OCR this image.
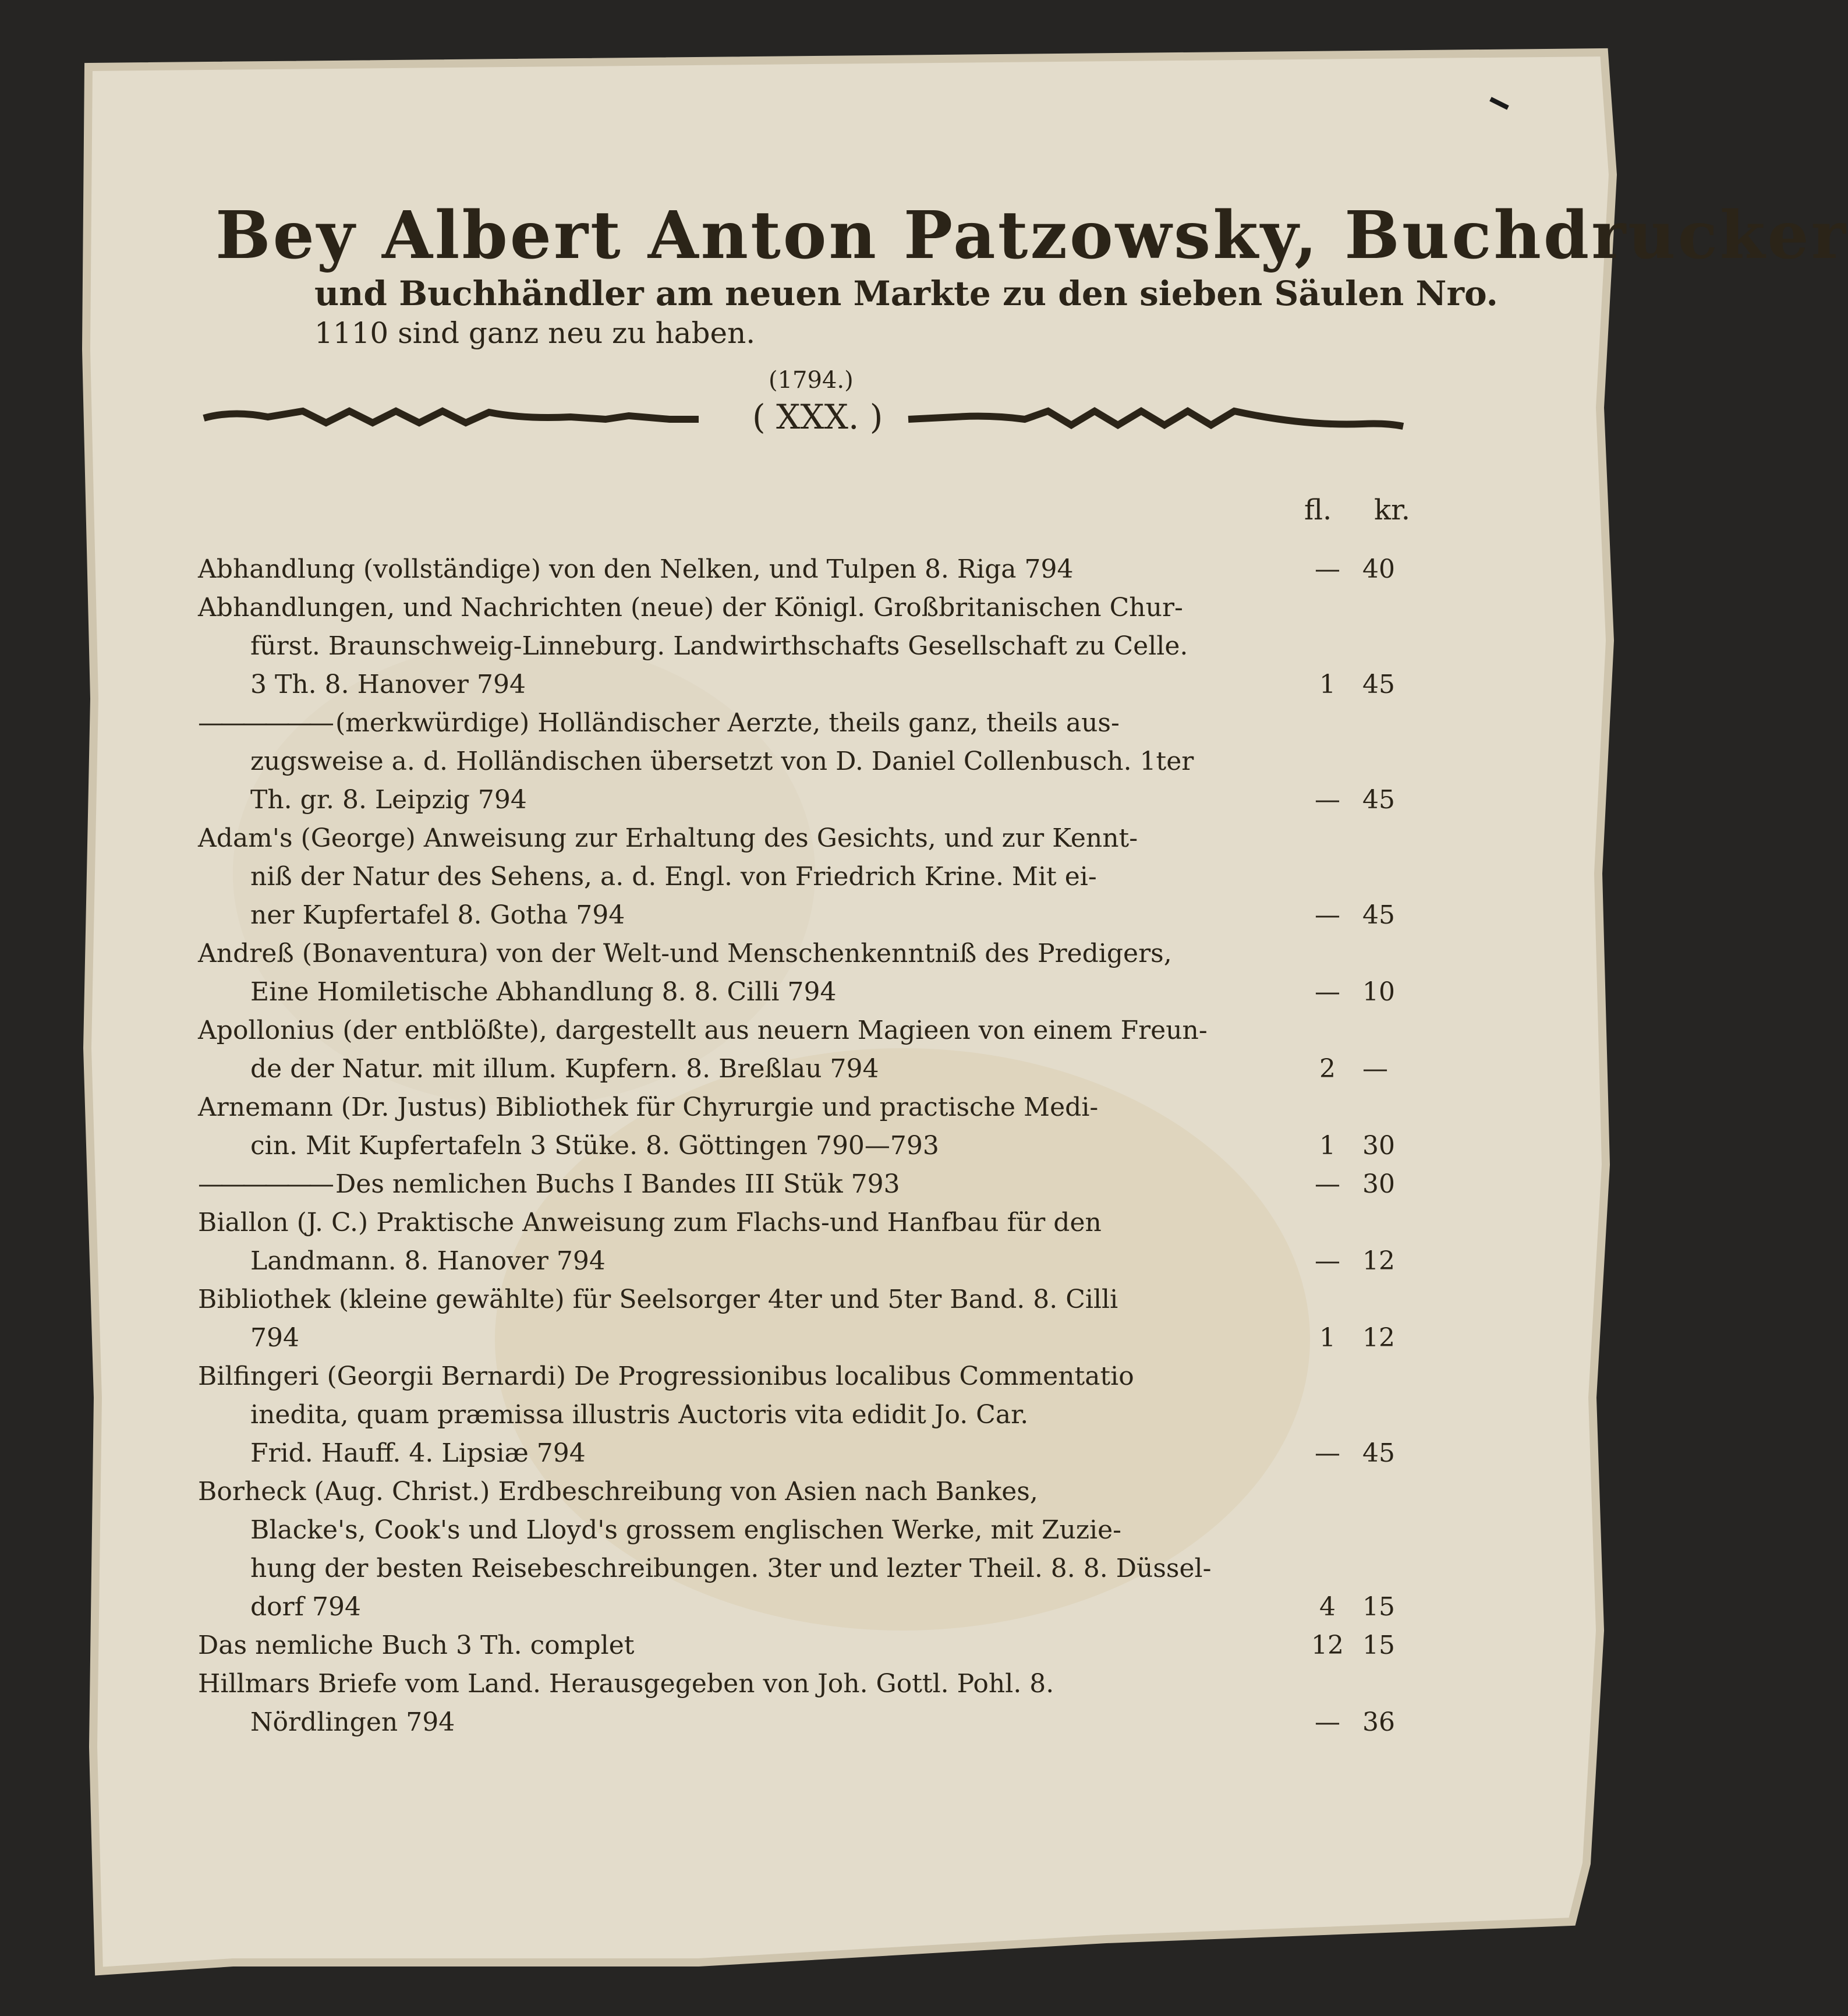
Bey Albert Anton Patzowsky, Buchdrucker
und Buchhändler am neuen Markte zu den sieben Säulen Nro.
1110 sind ganz neu zu haben.
(1794.)
( XXX. )
fl. kr.
Abhandlung (vollständige) von den Nelken, und Tulpen 8. Riga 794	— 40
Abhandlungen, und Nachrichten (neue) der Königl. Großbritanischen Chur-

fürst. Braunschweig-Linneburg. Landwirthschafts Gesellschaft zu Celle.
3 Th. 8. Hanover 794	1 45
—————— (merkwürdige) Holländischer Aerzte, theils ganz, theils aus-

zugsweise a. d. Holländischen übersetzt von D. Daniel Collenbusch. 1ter
Th. gr. 8. Leipzig 794	— 45
Adam's (George) Anweisung zur Erhaltung des Gesichts, und zur Kennt-

niß der Natur des Sehens, a. d. Engl. von Friedrich Krine. Mit ei-
ner Kupfertafel 8. Gotha 794	— 45
Andreß (Bonaventura) von der Welt-und Menschenkenntniß des Predigers,

Eine Homiletische Abhandlung 8. 8. Cilli 794	— 10
Apollonius (der entblößte), dargestellt aus neuern Magieen von einem Freun-

de der Natur. mit illum. Kupfern. 8. Breßlau 794	2 —
Arnemann (Dr. Justus) Bibliothek für Chyrurgie und practische Medi-

cin. Mit Kupfertafeln 3 Stüke. 8. Göttingen 790—793	1 30
—————— Des nemlichen Buchs I Bandes III Stük 793	— 30
Biallon (J. C.) Praktische Anweisung zum Flachs-und Hanfbau für den

Landmann. 8. Hanover 794	— 12
Bibliothek (kleine gewählte) für Seelsorger 4ter und 5ter Band. 8. Cilli

794	1 12
Bilfingeri (Georgii Bernardi) De Progressionibus localibus Commentatio

inedita, quam præmissa illustris Auctoris vita edidit Jo. Car.
Frid. Hauff. 4. Lipsiæ 794	— 45
Borheck (Aug. Christ.) Erdbeschreibung von Asien nach Bankes,

Blacke's, Cook's und Lloyd's grossem englischen Werke, mit Zuzie-
hung der besten Reisebeschreibungen. 3ter und lezter Theil. 8. 8. Düssel-
dorf 794	4 15
Das nemliche Buch 3 Th. complet	12 15
Hillmars Briefe vom Land. Herausgegeben von Joh. Gottl. Pohl. 8.

Nördlingen 794	— 36
